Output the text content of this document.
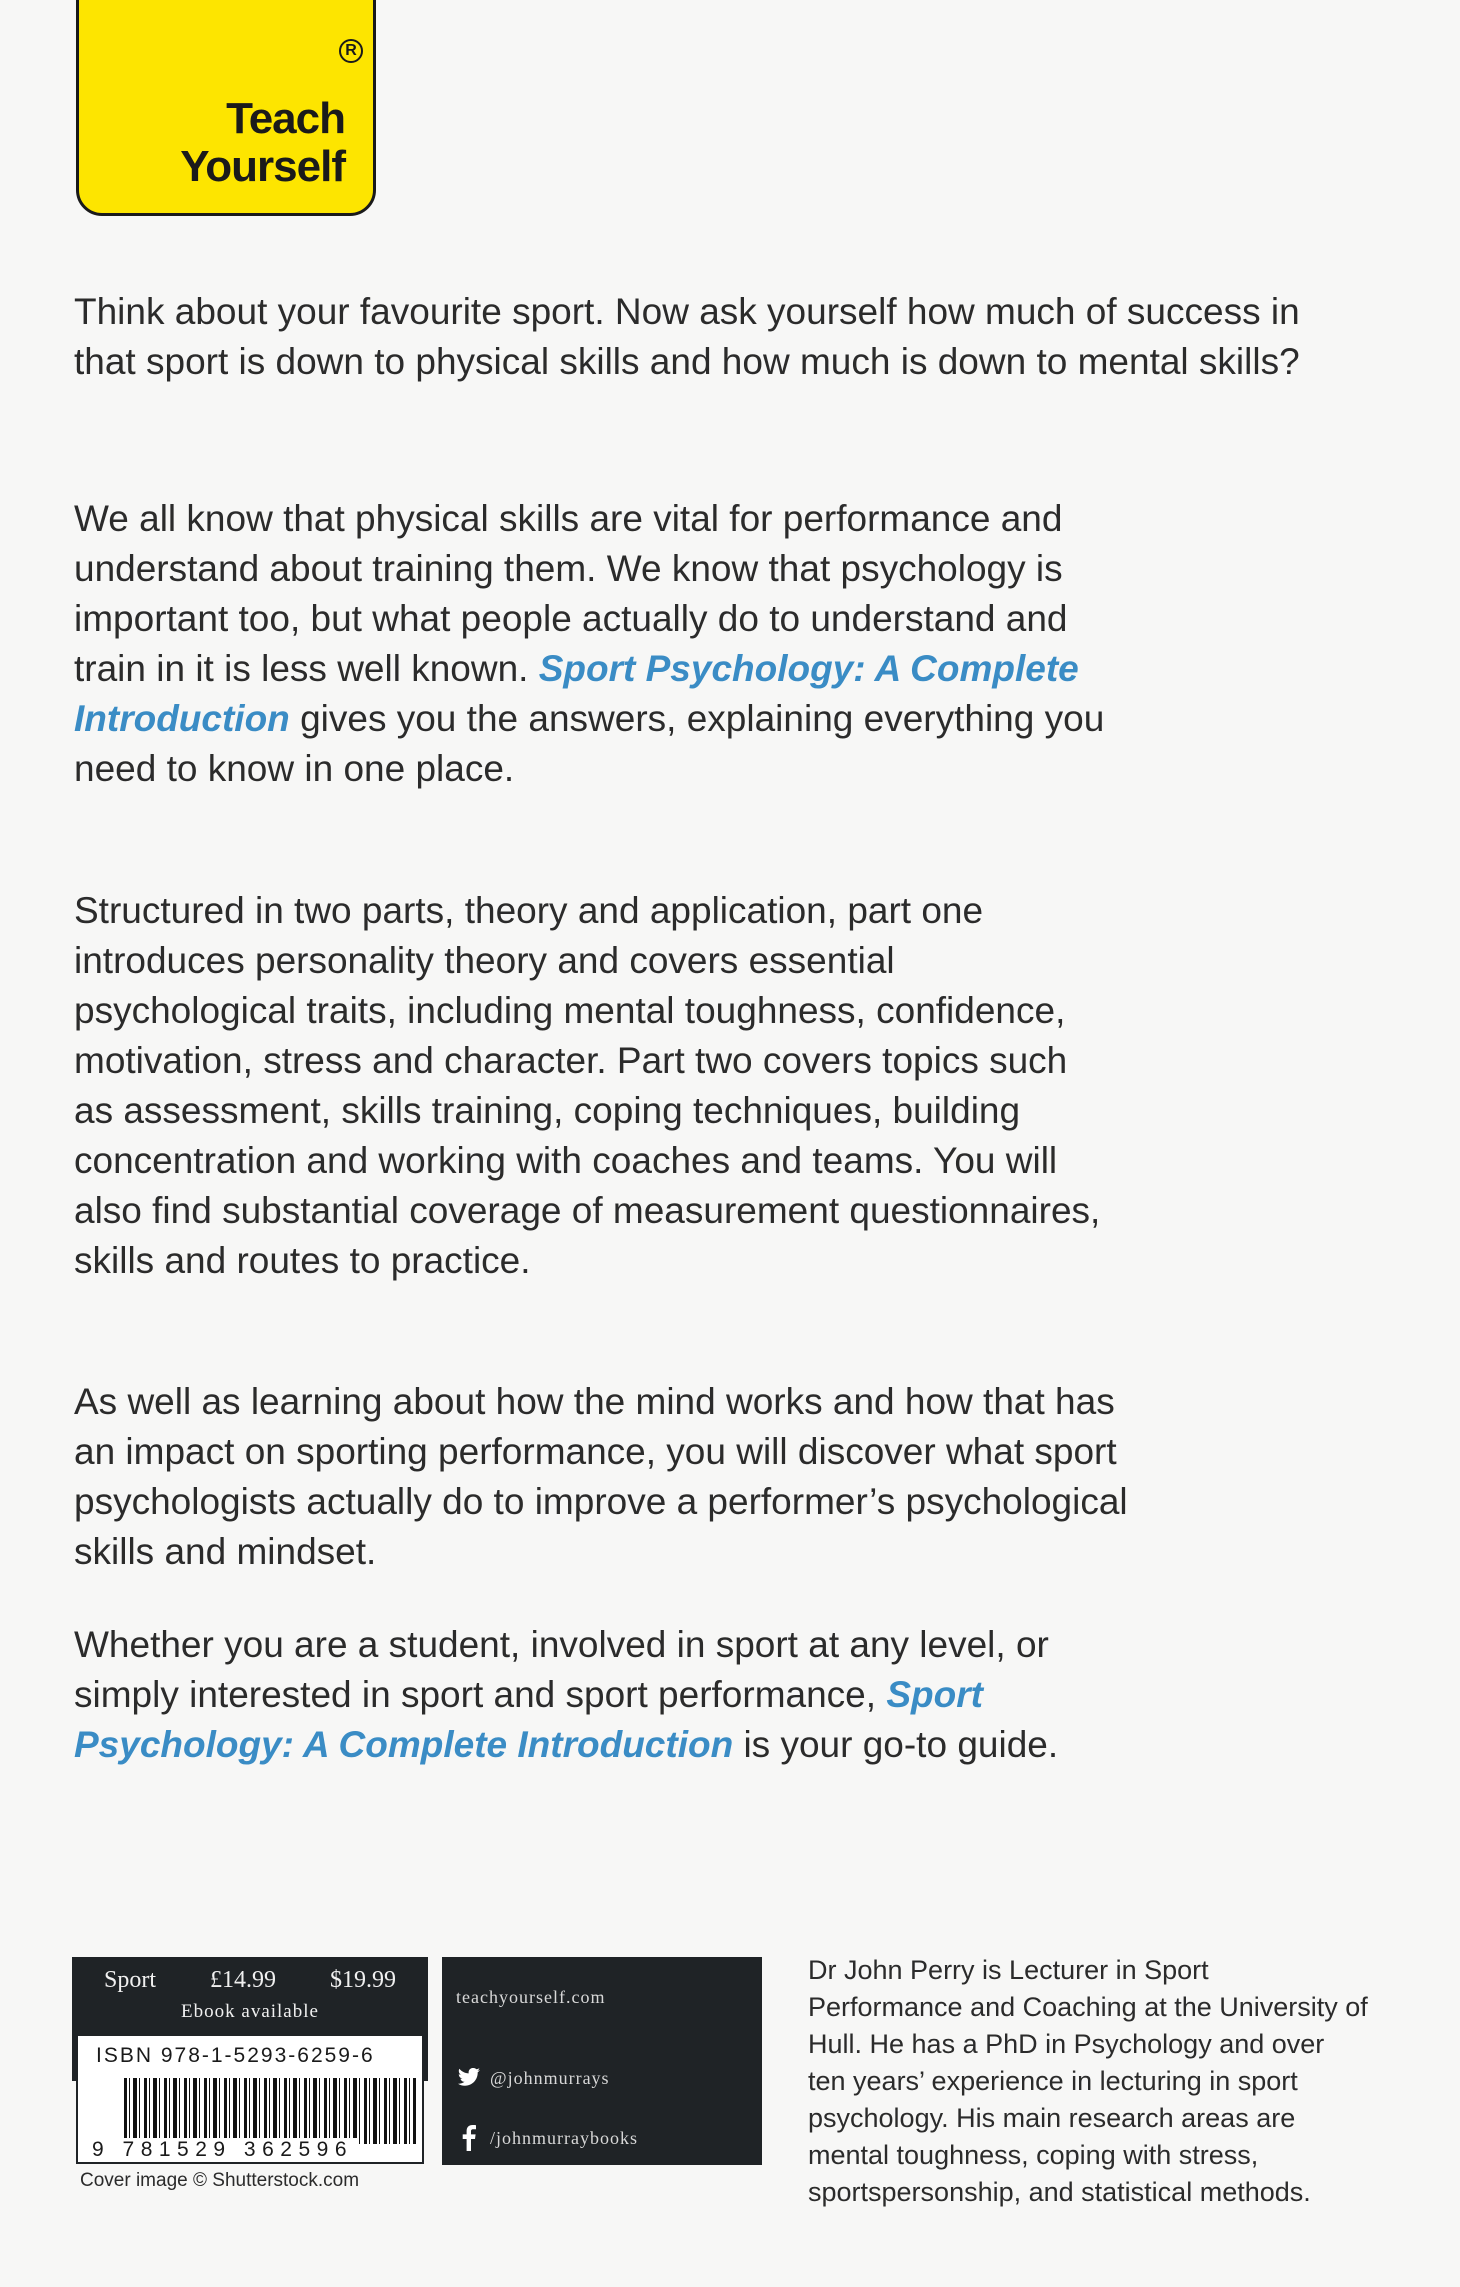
R
Teach
Yourself

Think about your favourite sport. Now ask yourself how much of success in that sport is down to physical skills and how much is down to mental skills?

We all know that physical skills are vital for performance and understand about training them. We know that psychology is important too, but what people actually do to understand and train in it is less well known. Sport Psychology: A Complete Introduction gives you the answers, explaining everything you need to know in one place.

Structured in two parts, theory and application, part one introduces personality theory and covers essential psychological traits, including mental toughness, confidence, motivation, stress and character. Part two covers topics such as assessment, skills training, coping techniques, building concentration and working with coaches and teams. You will also find substantial coverage of measurement questionnaires, skills and routes to practice.

As well as learning about how the mind works and how that has an impact on sporting performance, you will discover what sport psychologists actually do to improve a performer’s psychological skills and mindset.

Whether you are a student, involved in sport at any level, or simply interested in sport and sport performance, Sport Psychology: A Complete Introduction is your go-to guide.

Sport £14.99 $19.99
Ebook available
ISBN 978-1-5293-6259-6
9 781529 362596
Cover image © Shutterstock.com
teachyourself.com
@johnmurrays
/johnmurraybooks

Dr John Perry is Lecturer in Sport Performance and Coaching at the University of Hull. He has a PhD in Psychology and over ten years’ experience in lecturing in sport psychology. His main research areas are mental toughness, coping with stress, sportspersonship, and statistical methods.
